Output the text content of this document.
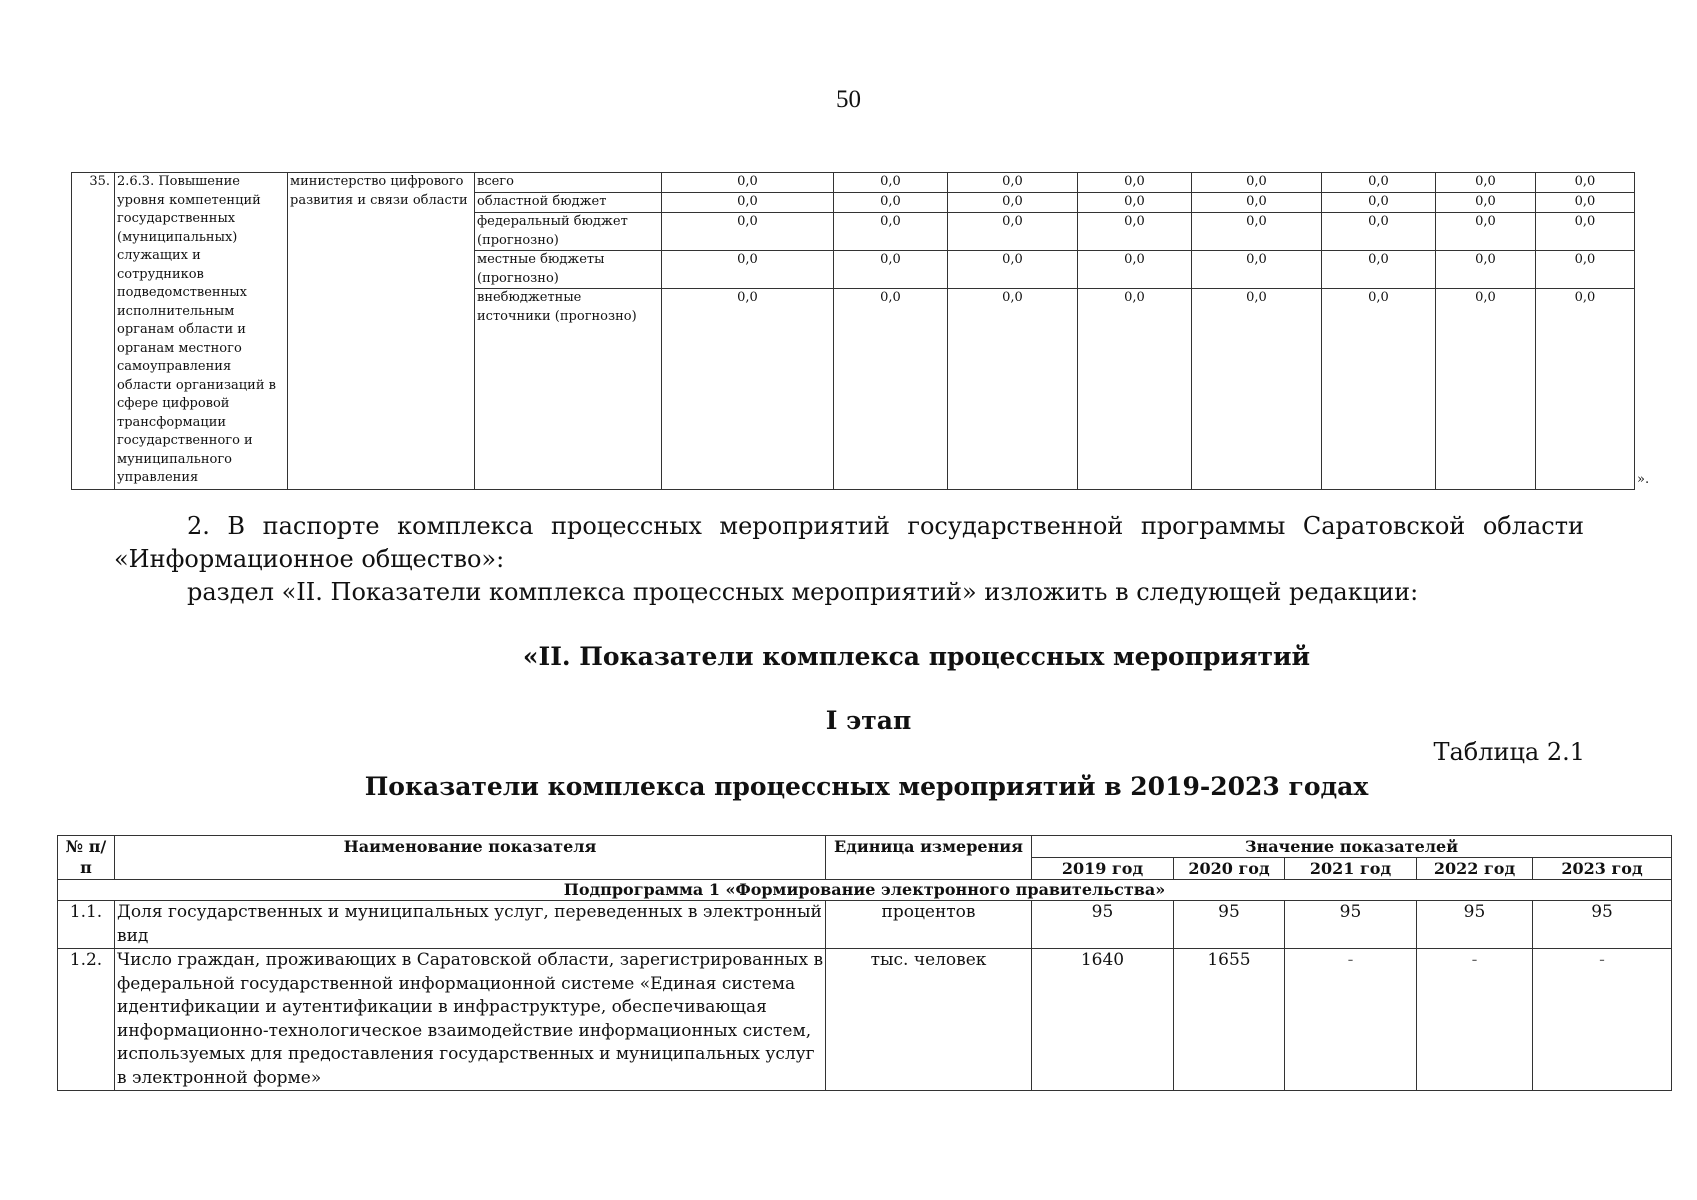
50
35.	2.6.3. Повышение уровня компетенций государственных (муниципальных) служащих и сотрудников подведомственных исполнительным органам области и органам местного самоуправления области организаций в сфере цифровой трансформации государственного и муниципального управления	министерство цифрового развития и связи области	всего	0,0	0,0	0,0	0,0	0,0	0,0	0,0	0,0
			областной бюджет	0,0	0,0	0,0	0,0	0,0	0,0	0,0	0,0
			федеральный бюджет (прогнозно)	0,0	0,0	0,0	0,0	0,0	0,0	0,0	0,0
			местные бюджеты (прогнозно)	0,0	0,0	0,0	0,0	0,0	0,0	0,0	0,0
			внебюджетные источники (прогнозно)	0,0	0,0	0,0	0,0	0,0	0,0	0,0	0,0
».
2. В паспорте комплекса процессных мероприятий государственной программы Саратовской области
«Информационное общество»:
раздел «II. Показатели комплекса процессных мероприятий» изложить в следующей редакции:
«II. Показатели комплекса процессных мероприятий
I этап
Таблица 2.1
Показатели комплекса процессных мероприятий в 2019-2023 годах
№ п/п	Наименование показателя	Единица измерения	Значение показателей				
			2019 год	2020 год	2021 год	2022 год	2023 год
Подпрограмма 1 «Формирование электронного правительства»							
1.1.	Доля государственных и муниципальных услуг, переведенных в электронный вид	процентов	95	95	95	95	95
1.2.	Число граждан, проживающих в Саратовской области, зарегистрированных в федеральной государственной информационной системе «Единая система идентификации и аутентификации в инфраструктуре, обеспечивающая информационно-технологическое взаимодействие информационных систем, используемых для предоставления государственных и муниципальных услуг в электронной форме»	тыс. человек	1640	1655	-	-	-
